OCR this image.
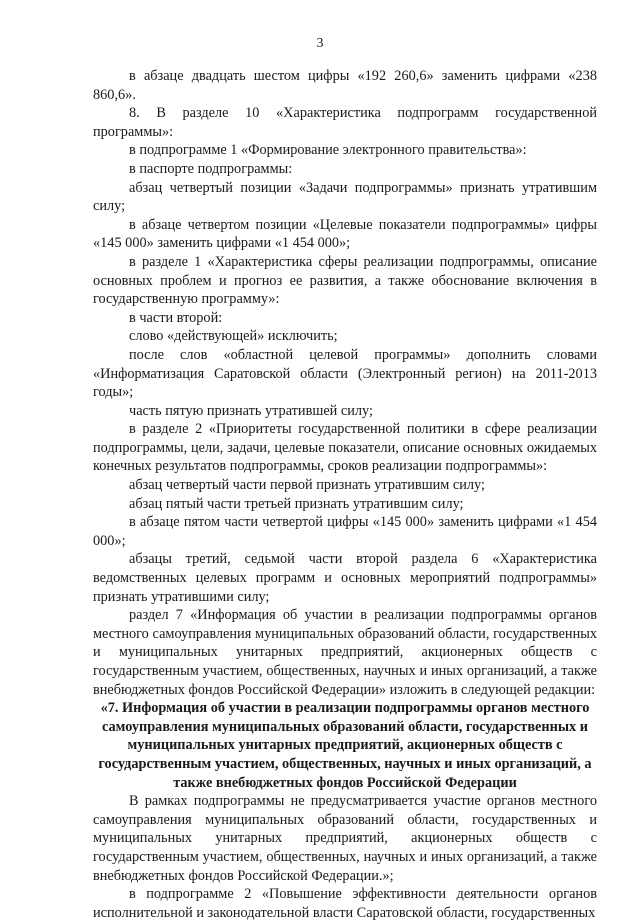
3

в абзаце двадцать шестом цифры «192 260,6» заменить цифрами «238 860,6».

8. В разделе 10 «Характеристика подпрограмм государственной программы»:

в подпрограмме 1 «Формирование электронного правительства»:

в паспорте подпрограммы:

абзац четвертый позиции «Задачи подпрограммы» признать утратившим силу;

в абзаце четвертом позиции «Целевые показатели подпрограммы» цифры «145 000» заменить цифрами «1 454 000»;

в разделе 1 «Характеристика сферы реализации подпрограммы, описание основных проблем и прогноз ее развития, а также обоснование включения в государственную программу»:

в части второй:

слово «действующей» исключить;

после слов «областной целевой программы» дополнить словами «Информатизация Саратовской области (Электронный регион) на 2011-2013 годы»;

часть пятую признать утратившей силу;

в разделе 2 «Приоритеты государственной политики в сфере реализации подпрограммы, цели, задачи, целевые показатели, описание основных ожидаемых конечных результатов подпрограммы, сроков реализации подпрограммы»:

абзац четвертый части первой признать утратившим силу;

абзац пятый части третьей признать утратившим силу;

в абзаце пятом части четвертой цифры «145 000» заменить цифрами «1 454 000»;

абзацы третий, седьмой части второй раздела 6 «Характеристика ведомственных целевых программ и основных мероприятий подпрограммы» признать утратившими силу;

раздел 7 «Информация об участии в реализации подпрограммы органов местного самоуправления муниципальных образований области, государственных и муниципальных унитарных предприятий, акционерных обществ с государственным участием, общественных, научных и иных организаций, а также внебюджетных фондов Российской Федерации» изложить в следующей редакции:

«7. Информация об участии в реализации подпрограммы органов местного самоуправления муниципальных образований области, государственных и муниципальных унитарных предприятий, акционерных обществ с государственным участием, общественных, научных и иных организаций, а также внебюджетных фондов Российской Федерации

В рамках подпрограммы не предусматривается участие органов местного самоуправления муниципальных образований области, государственных и муниципальных унитарных предприятий, акционерных обществ с государственным участием, общественных, научных и иных организаций, а также внебюджетных фондов Российской Федерации.»;

в подпрограмме 2 «Повышение эффективности деятельности органов исполнительной и законодательной власти Саратовской области, государственных
